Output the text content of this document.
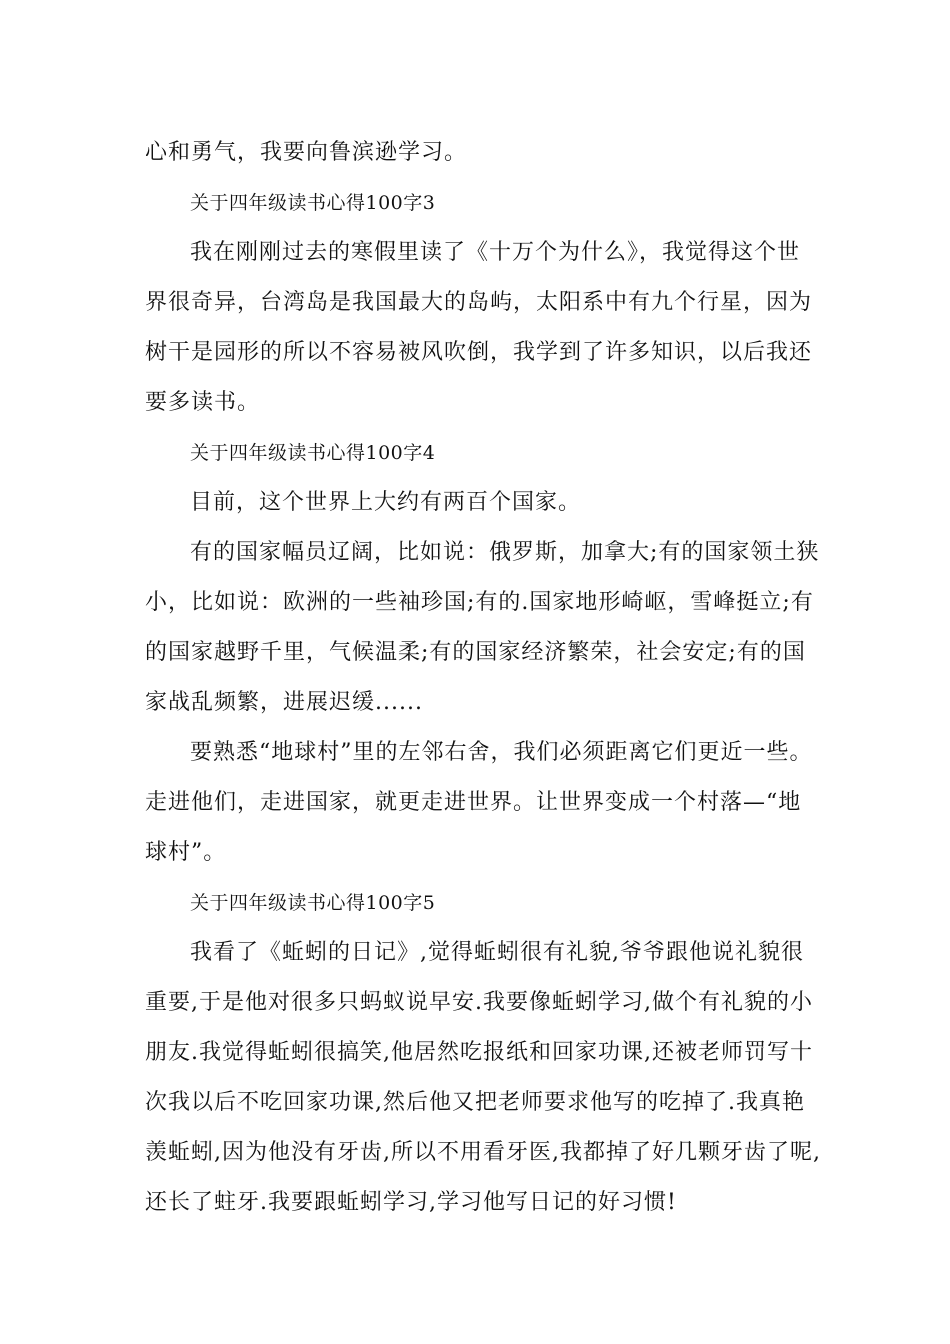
心和勇气，我要向鲁滨逊学习。
关于四年级读书心得100字3
我在刚刚过去的寒假里读了《十万个为什么》，我觉得这个世
界很奇异，台湾岛是我国最大的岛屿，太阳系中有九个行星，因为
树干是园形的所以不容易被风吹倒，我学到了许多知识，以后我还
要多读书。
关于四年级读书心得100字4
目前，这个世界上大约有两百个国家。
有的国家幅员辽阔，比如说：俄罗斯，加拿大;有的国家领土狭
小，比如说：欧洲的一些袖珍国;有的.国家地形崎岖，雪峰挺立;有
的国家越野千里，气候温柔;有的国家经济繁荣，社会安定;有的国
家战乱频繁，进展迟缓......
要熟悉“地球村”里的左邻右舍，我们必须距离它们更近一些。
走进他们，走进国家，就更走进世界。让世界变成一个村落—“地
球村”。
关于四年级读书心得100字5
我看了《蚯蚓的日记》,觉得蚯蚓很有礼貌,爷爷跟他说礼貌很
重要,于是他对很多只蚂蚁说早安.我要像蚯蚓学习,做个有礼貌的小
朋友.我觉得蚯蚓很搞笑,他居然吃报纸和回家功课,还被老师罚写十
次我以后不吃回家功课,然后他又把老师要求他写的吃掉了.我真艳
羡蚯蚓,因为他没有牙齿,所以不用看牙医,我都掉了好几颗牙齿了呢,
还长了蛀牙.我要跟蚯蚓学习,学习他写日记的好习惯!
